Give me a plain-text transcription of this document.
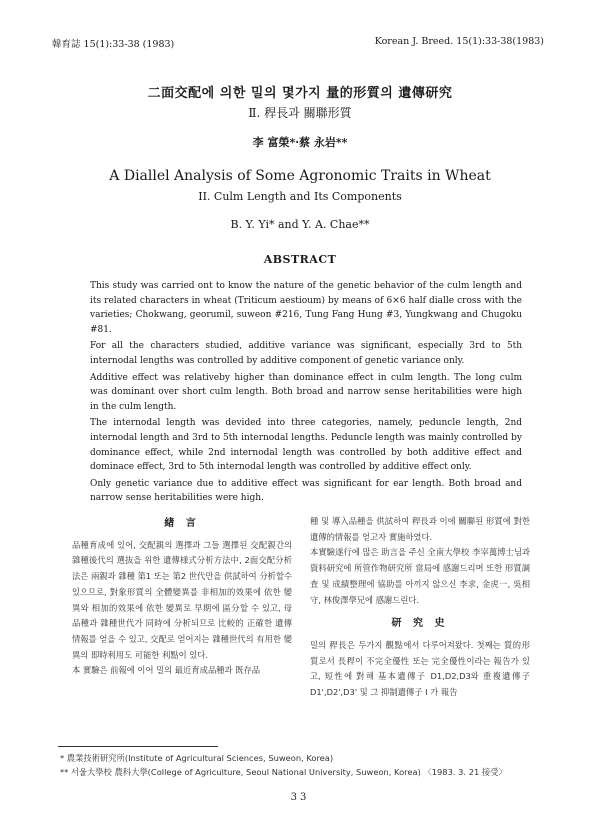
韓育誌 15(1):33-38 (1983)	Korean J. Breed. 15(1):33-38(1983)
二面交配에 의한 밀의 몇가지 量的形質의 遺傳研究
Ⅱ. 稈長과 關聯形質
李 富榮*·蔡 永岩**
A Diallel Analysis of Some Agronomic Traits in Wheat
II. Culm Length and Its Components
B. Y. Yi* and Y. A. Chae**
ABSTRACT

This study was carried ont to know the nature of the genetic behavior of the culm length and its related characters in wheat (Triticum aestioum) by means of 6×6 half dialle cross with the varieties; Chokwang, georumil, suweon #216, Tung Fang Hung #3, Yungkwang and Chugoku #81.

For all the characters studied, additive variance was significant, especially 3rd to 5th internodal lengths was controlled by additive component of genetic variance only.

Additive effect was relativeby higher than dominance effect in culm length. The long culm was dominant over short culm length. Both broad and narrow sense heritabilities were high in the culm length.

The internodal length was devided into three categories, namely, peduncle length, 2nd internodal length and 3rd to 5th internodal lengths. Peduncle length was mainly controlled by dominance effect, while 2nd internodal length was controlled by both additive effect and dominace effect, 3rd to 5th internodal length was controlled by additive effect only.

Only genetic variance due to additive effect was significant for ear length. Both broad and narrow sense heritabilities were high.

緖 言

品種育成에 있어, 交配親의 選擇과 그들 選擇된 交配親간의 雜種後代의 選抜을 위한 遺傳様式分析方法中, 2面交配分析法은 兩親과 雜種 第1 또는 第2 世代만을 供試하여 分析할수 있으므로, 對象形質의 全體變異를 非相加的效果에 依한 變異와 相加的效果에 依한 變異로 早期에 區分할 수 있고, 母品種과 雜種世代가 同時에 分析되므로 比較的 正確한 遺傳情報를 얻을 수 있고, 交配로 얻어지는 雜種世代의 有用한 變異의 即時利用도 可能한 利點이 있다.

本 實驗은 前報에 이어 밀의 最近育成品種과 既存品

種 및 導入品種을 供試하여 稈長과 이에 關聯된 形質에 對한 遺傳的情報를 얻고자 實施하였다.

本實驗遂行에 많은 助言을 주신 全南大學校 李宰萬博士님과 資料研究에 所管作物研究所 當局에 感謝드리며 또한 形質調査 및 成績整理에 協助를 아끼지 않으신 李求, 金虎一, 吳相守, 林俊澤學兄에 感謝드린다.

研 究 史

밀의 稈長은 두가지 觀點에서 다루어져왔다. 첫째는 質的形質로서 長稈이 不完全優性 또는 完全優性이라는 報告가 있고, 短性에 對해 基本遺傳子 D1,D2,D3와 重複遺傳子 D1',D2',D3' 및 그 抑制遺傳子 I 가 報告

* 農業技術研究所(Institute of Agricultural Sciences, Suweon, Korea)
** 서울大學校 農科大學(College of Agriculture, Seoul National University, Suweon, Korea) 〈1983. 3. 21 接受〉
33
